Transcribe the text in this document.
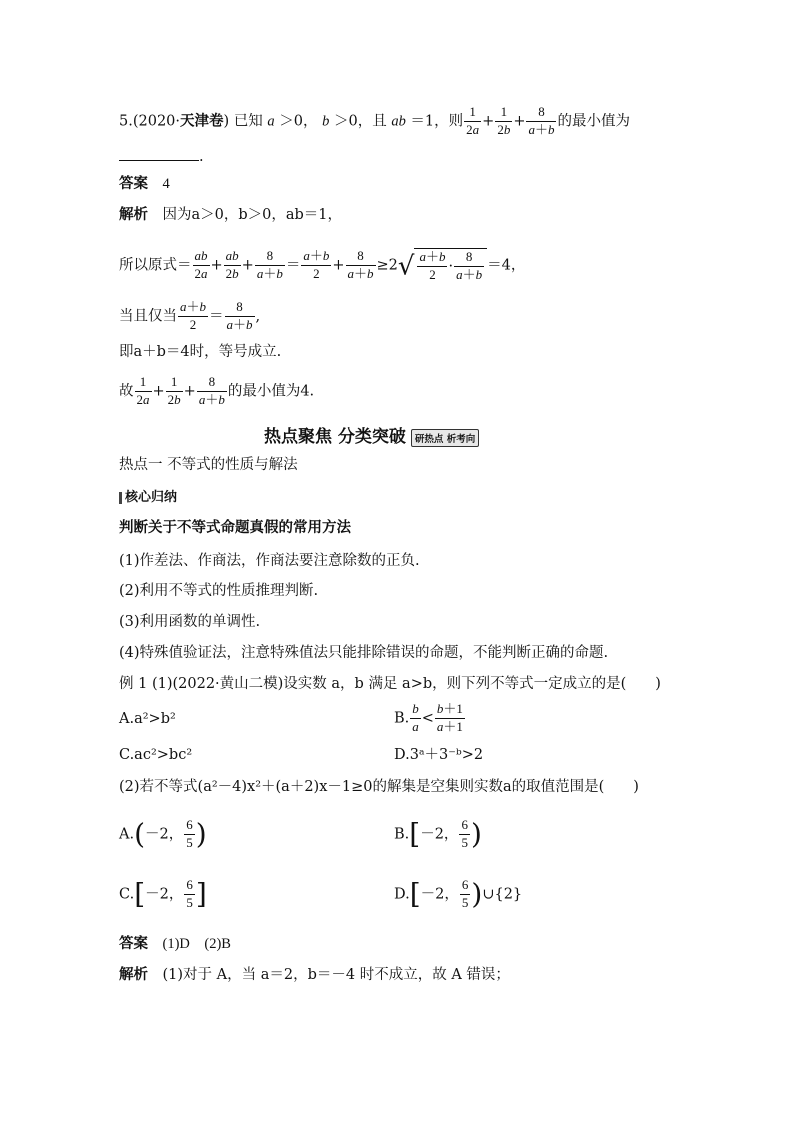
5.(2020·天津卷) 已知 a ＞0， b ＞0，且 ab ＝1，则 $\frac{1}{2a} + \frac{1}{2b} + \frac{8}{a+b}$ 的最小值为
.
答案　 4
解析　 因为a＞0，b＞0，ab＝1，
所以原式＝ $\frac{ab}{2a} + \frac{ab}{2b} + \frac{8}{a+b} = \frac{a+b}{2} + \frac{8}{a+b} \ge 2√ \frac{a+b}{2} \cdot \frac{8}{a+b} =4$，
当且仅当 $\frac{a+b}{2} = \frac{8}{a+b}$ ,
即a＋b＝4时，等号成立.
故 $\frac{1}{2a} + \frac{1}{2b} + \frac{8}{a+b}$ 的最小值为4.
热点聚焦 分类突破 研热点 析考向
热点一 不等式的性质与解法
核心归纳
判断关于不等式命题真假的常用方法
(1)作差法、作商法，作商法要注意除数的正负.
(2)利用不等式的性质推理判断.
(3)利用函数的单调性.
(4)特殊值验证法，注意特殊值法只能排除错误的命题，不能判断正确的命题.
例 1 (1)(2022·黄山二模)设实数 a，b 满足 a>b，则下列不等式一定成立的是(　　)
A.a²>b²	B. $\frac{b}{a} < \frac{b+1}{a+1}$
C.ac²>bc²	D.3ᵃ＋3⁻ᵇ>2
(2)若不等式(a²－4)x²＋(a＋2)x－1≥0的解集是空集则实数a的取值范围是(　　)
A.(－2， $\frac{6}{5}$ )	B.[－2， $\frac{6}{5}$ )
C.[－2， $\frac{6}{5}$ ]	D.[－2， $\frac{6}{5}$ )∪{2}
答案　 (1)D　(2)B
解析　 (1)对于 A，当 a＝2，b＝－4 时不成立，故 A 错误；
